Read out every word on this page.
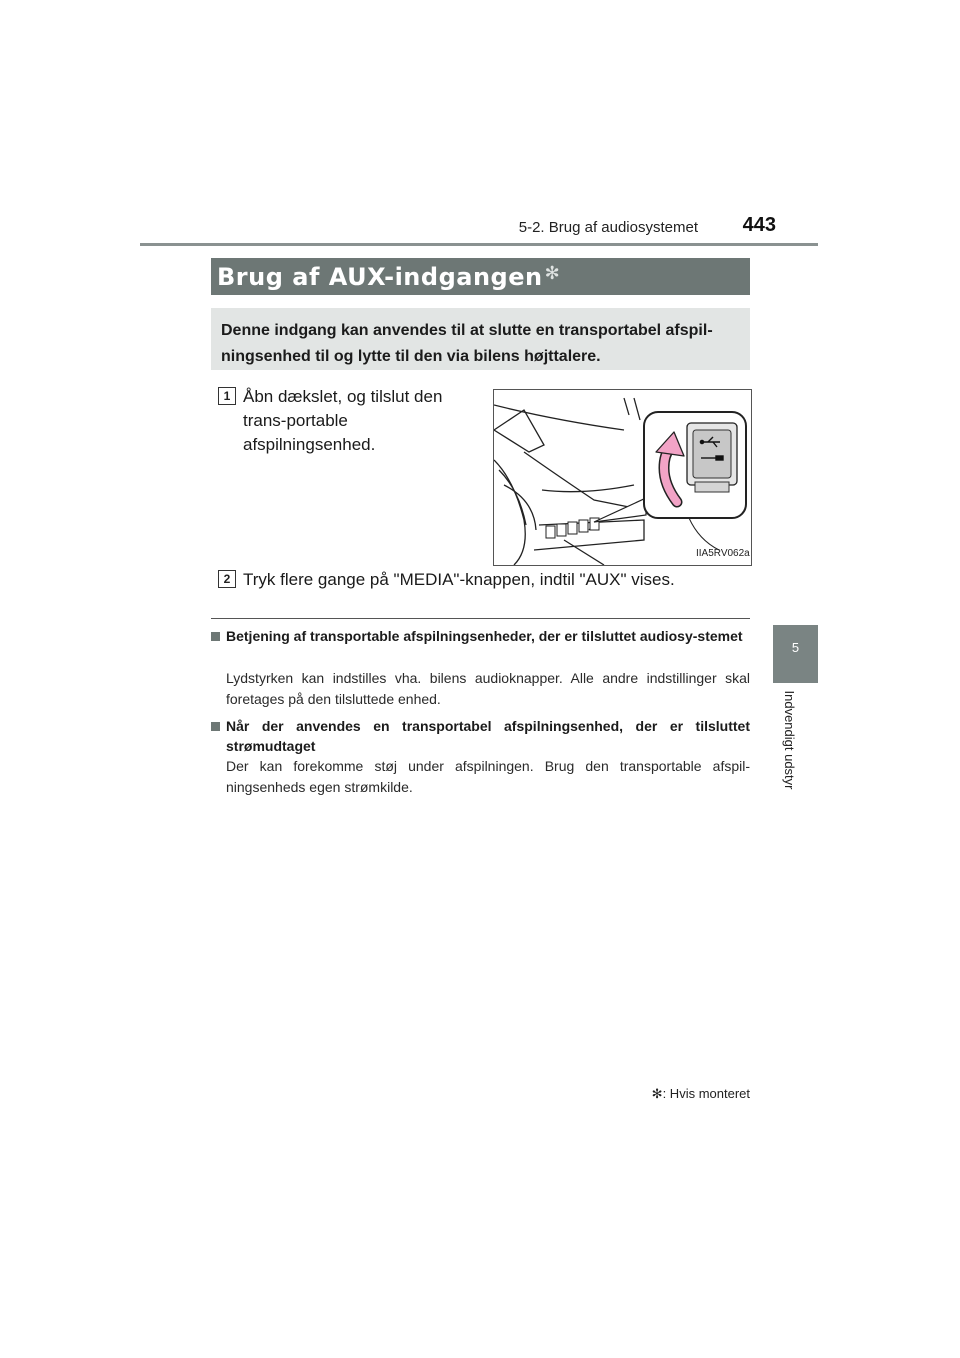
5-2. Brug af audiosystemet	443
5
Indvendigt udstyr
Brug af AUX-indgangen ✻
Denne indgang kan anvendes til at slutte en transportabel afspil-ningsenhed til og lytte til den via bilens højttalere.
1 Åbn dækslet, og tilslut den trans-portable afspilningsenhed.
IIA5RV062a
2 Tryk flere gange på "MEDIA"-knappen, indtil "AUX" vises.
Betjening af transportable afspilningsenheder, der er tilsluttet audiosy-stemet
Lydstyrken kan indstilles vha. bilens audioknapper. Alle andre indstillinger skal foretages på den tilsluttede enhed.
Når der anvendes en transportabel afspilningsenhed, der er tilsluttet strømudtaget
Der kan forekomme støj under afspilningen. Brug den transportable afspil-ningsenheds egen strømkilde.
✻: Hvis monteret
